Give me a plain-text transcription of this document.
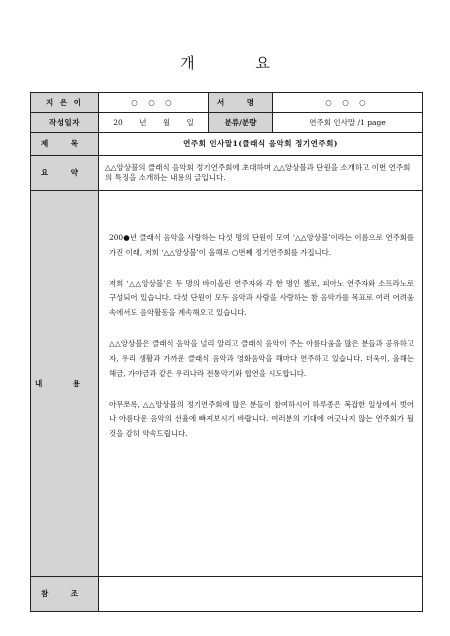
개 요
지 은 이	○ ○ ○	서 명	○ ○ ○
작성일자	20 년 월 일	분류/분량	연주회 인사말 /1 page
제 목	연주회 인사말1(클래식 음악회 정기연주회)		
요 약	△△앙상블의 클래식 음악회 정기연주회에 초대하며 △△앙상블과 단원을 소개하고 이번 연주회의 특징을 소개하는 내용의 글입니다.		
내 용	200●년 클래식 음악을 사랑하는 다섯 명의 단원이 모여 ‘△△앙상블’이라는 이름으로 연주회를 가진 이래, 저희 ‘△△앙상블’이 올해로 ○번째 정기연주회를 가집니다.

저희 ‘△△앙상블’은 두 명의 바이올린 연주자와 각 한 명인 첼로, 피아노 연주자와 소프라노로 구성되어 있습니다. 다섯 단원이 모두 음악과 사람을 사랑하는 참 음악가를 목표로 여러 어려움 속에서도 음악활동을 계속해오고 있습니다.

△△앙상블은 클래식 음악을 널리 알리고 클래식 음악이 주는 아름다움을 많은 분들과 공유하고자, 우리 생활과 가까운 클래식 음악과 영화음악을 해마다 연주하고 있습니다. 더욱이, 올해는 해금, 가야금과 같은 우리나라 전통악기와 협연을 시도합니다.

아무쪼록, △△앙상블의 정기연주회에 많은 분들이 참여하시어 하루종은 복잡한 일상에서 벗어나 아름다운 음악의 선율에 빠져보시기 바랍니다. 여러분의 기대에 어긋나지 않는 연주회가 될 것을 감히 약속드립니다.		

참 조			
